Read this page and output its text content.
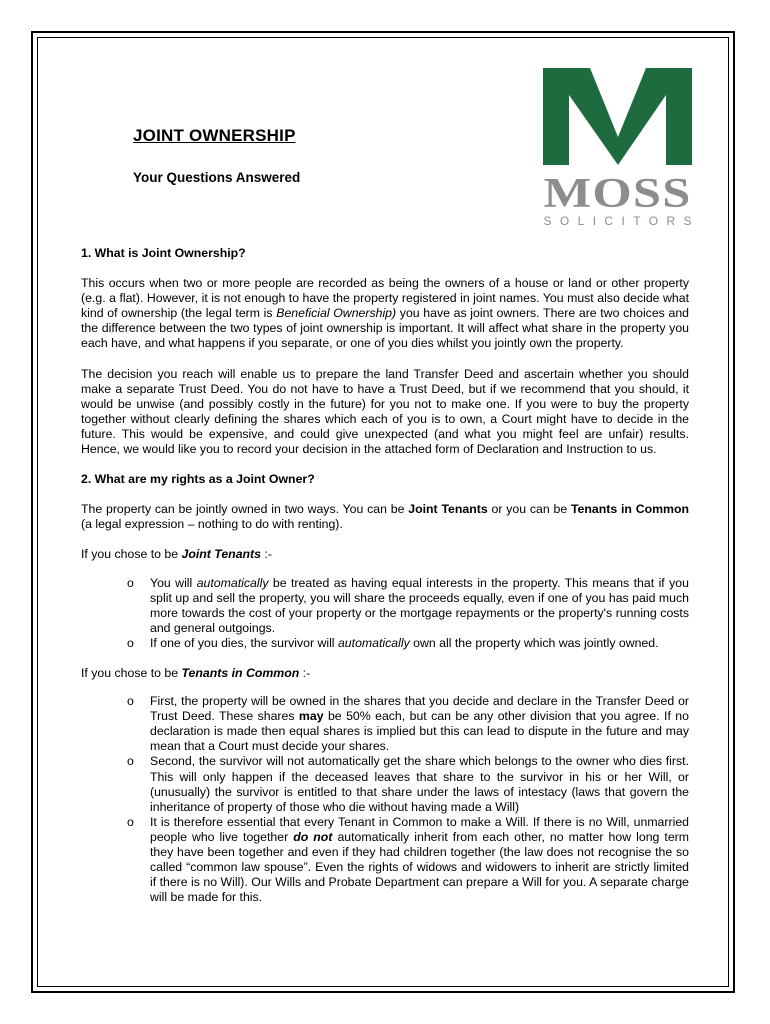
MOSS
SOLICITORS
JOINT OWNERSHIP
Your Questions Answered
1. What is Joint Ownership?

This occurs when two or more people are recorded as being the owners of a house or land or other property (e.g. a flat). However, it is not enough to have the property registered in joint names. You must also decide what kind of ownership (the legal term is Beneficial Ownership) you have as joint owners. There are two choices and the difference between the two types of joint ownership is important. It will affect what share in the property you each have, and what happens if you separate, or one of you dies whilst you jointly own the property.

The decision you reach will enable us to prepare the land Transfer Deed and ascertain whether you should make a separate Trust Deed. You do not have to have a Trust Deed, but if we recommend that you should, it would be unwise (and possibly costly in the future) for you not to make one. If you were to buy the property together without clearly defining the shares which each of you is to own, a Court might have to decide in the future. This would be expensive, and could give unexpected (and what you might feel are unfair) results. Hence, we would like you to record your decision in the attached form of Declaration and Instruction to us.

2. What are my rights as a Joint Owner?

The property can be jointly owned in two ways. You can be Joint Tenants or you can be Tenants in Common (a legal expression – nothing to do with renting).

If you chose to be Joint Tenants :-

o You will automatically be treated as having equal interests in the property. This means that if you split up and sell the property, you will share the proceeds equally, even if one of you has paid much more towards the cost of your property or the mortgage repayments or the property's running costs and general outgoings.
o If one of you dies, the survivor will automatically own all the property which was jointly owned.

If you chose to be Tenants in Common :-

o First, the property will be owned in the shares that you decide and declare in the Transfer Deed or Trust Deed. These shares may be 50% each, but can be any other division that you agree. If no declaration is made then equal shares is implied but this can lead to dispute in the future and may mean that a Court must decide your shares.
o Second, the survivor will not automatically get the share which belongs to the owner who dies first. This will only happen if the deceased leaves that share to the survivor in his or her Will, or (unusually) the survivor is entitled to that share under the laws of intestacy (laws that govern the inheritance of property of those who die without having made a Will)
o It is therefore essential that every Tenant in Common to make a Will. If there is no Will, unmarried people who live together do not automatically inherit from each other, no matter how long term they have been together and even if they had children together (the law does not recognise the so called “common law spouse”. Even the rights of widows and widowers to inherit are strictly limited if there is no Will). Our Wills and Probate Department can prepare a Will for you. A separate charge will be made for this.
